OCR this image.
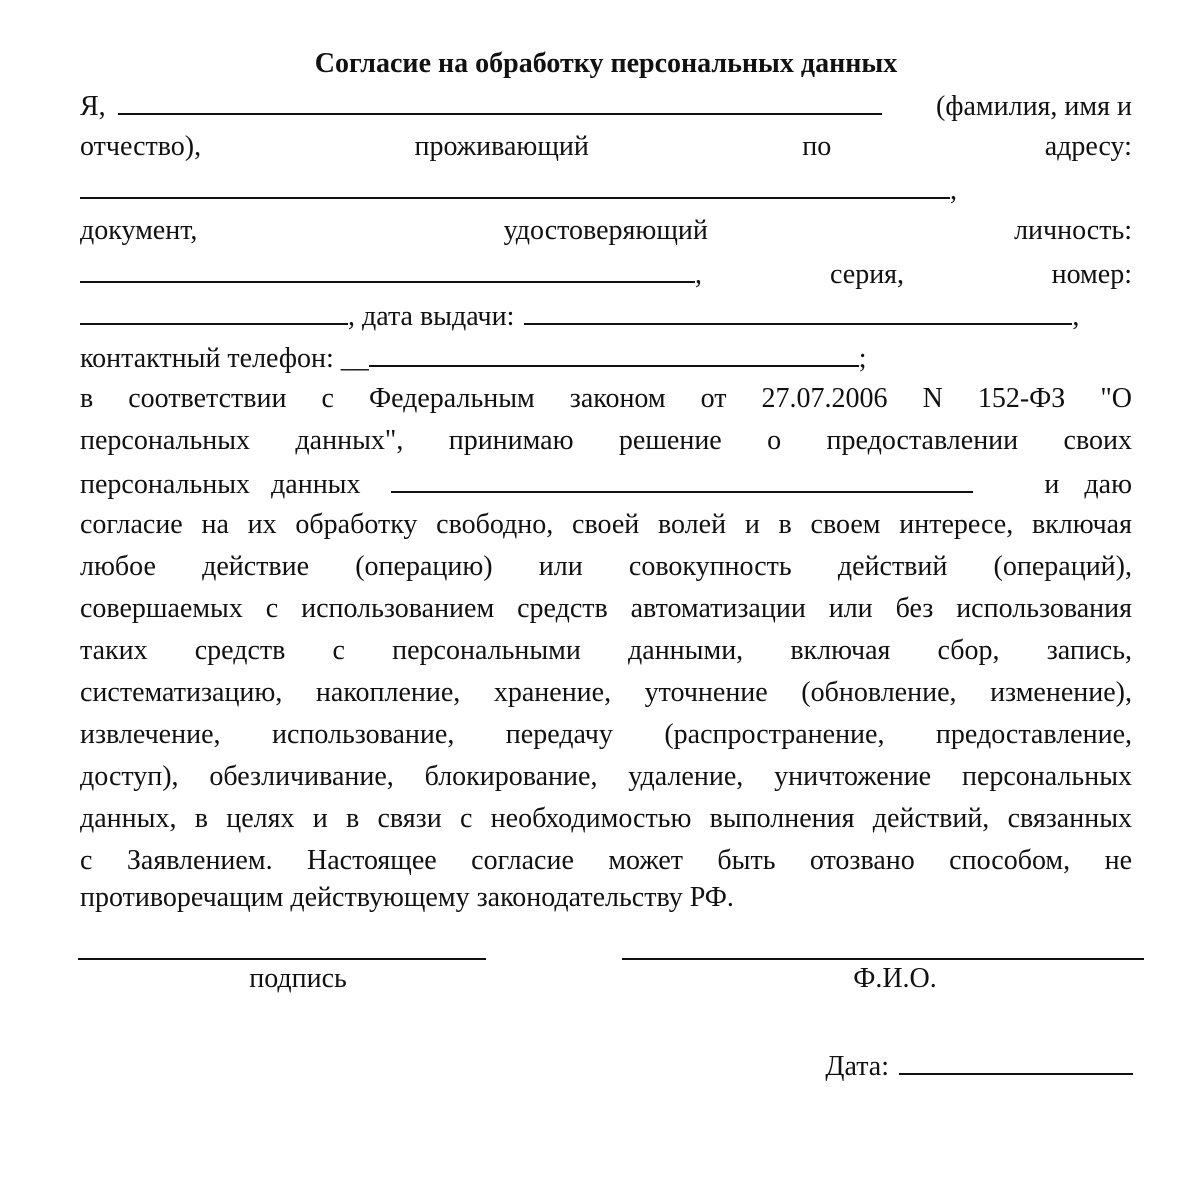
Согласие на обработку персональных данных
Я,	(фамилия, имя и
отчество),	проживающий	по	адресу:
,
документ,	удостоверяющий	личность:
,	серия,	номер:
, дата выдачи:	,
контактный телефон: __	;
в соответствии с Федеральным законом от 27.07.2006 N 152-ФЗ "О
персональных данных", принимаю решение о предоставлении своих
персональных данных	и даю
согласие на их обработку свободно, своей волей и в своем интересе, включая
любое действие (операцию) или совокупность действий (операций),
совершаемых с использованием средств автоматизации или без использования
таких средств с персональными данными, включая сбор, запись,
систематизацию, накопление, хранение, уточнение (обновление, изменение),
извлечение, использование, передачу (распространение, предоставление,
доступ), обезличивание, блокирование, удаление, уничтожение персональных
данных, в целях и в связи с необходимостью выполнения действий, связанных
с Заявлением. Настоящее согласие может быть отозвано способом, не
противоречащим действующему законодательству РФ.
подпись	Ф.И.О.
Дата:
